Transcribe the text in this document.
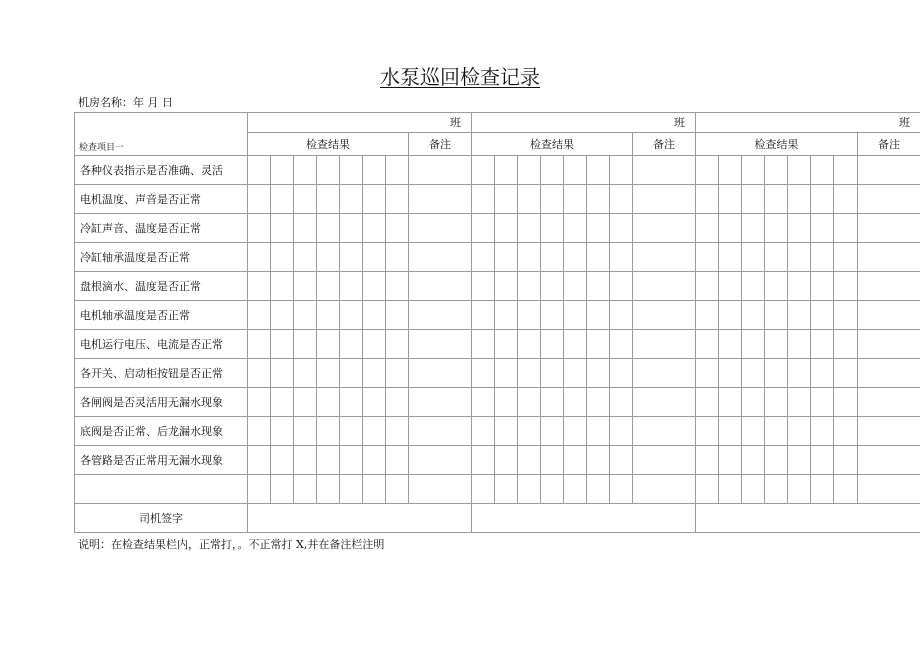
水泵巡回检查记录
机房名称：年 月 日
检查项目一	班								班								班							
	检查结果							备注	检查结果							备注	检查结果							备注
各种仪表指示是否准确、灵活																								
电机温度、声音是否正常																								
冷缸声音、温度是否正常																								
冷缸轴承温度是否正常																								
盘根滴水、温度是否正常																								
电机轴承温度是否正常																								
电机运行电压、电流是否正常																								
各开关、启动柜按钮是否正常																								
各闸阀是否灵活用无漏水现象																								
底阀是否正常、后龙漏水现象																								
各管路是否正常用无漏水现象																								

司机签字																								
说明：在检查结果栏内，正常打，。不正常打 X,并在备注栏注明
